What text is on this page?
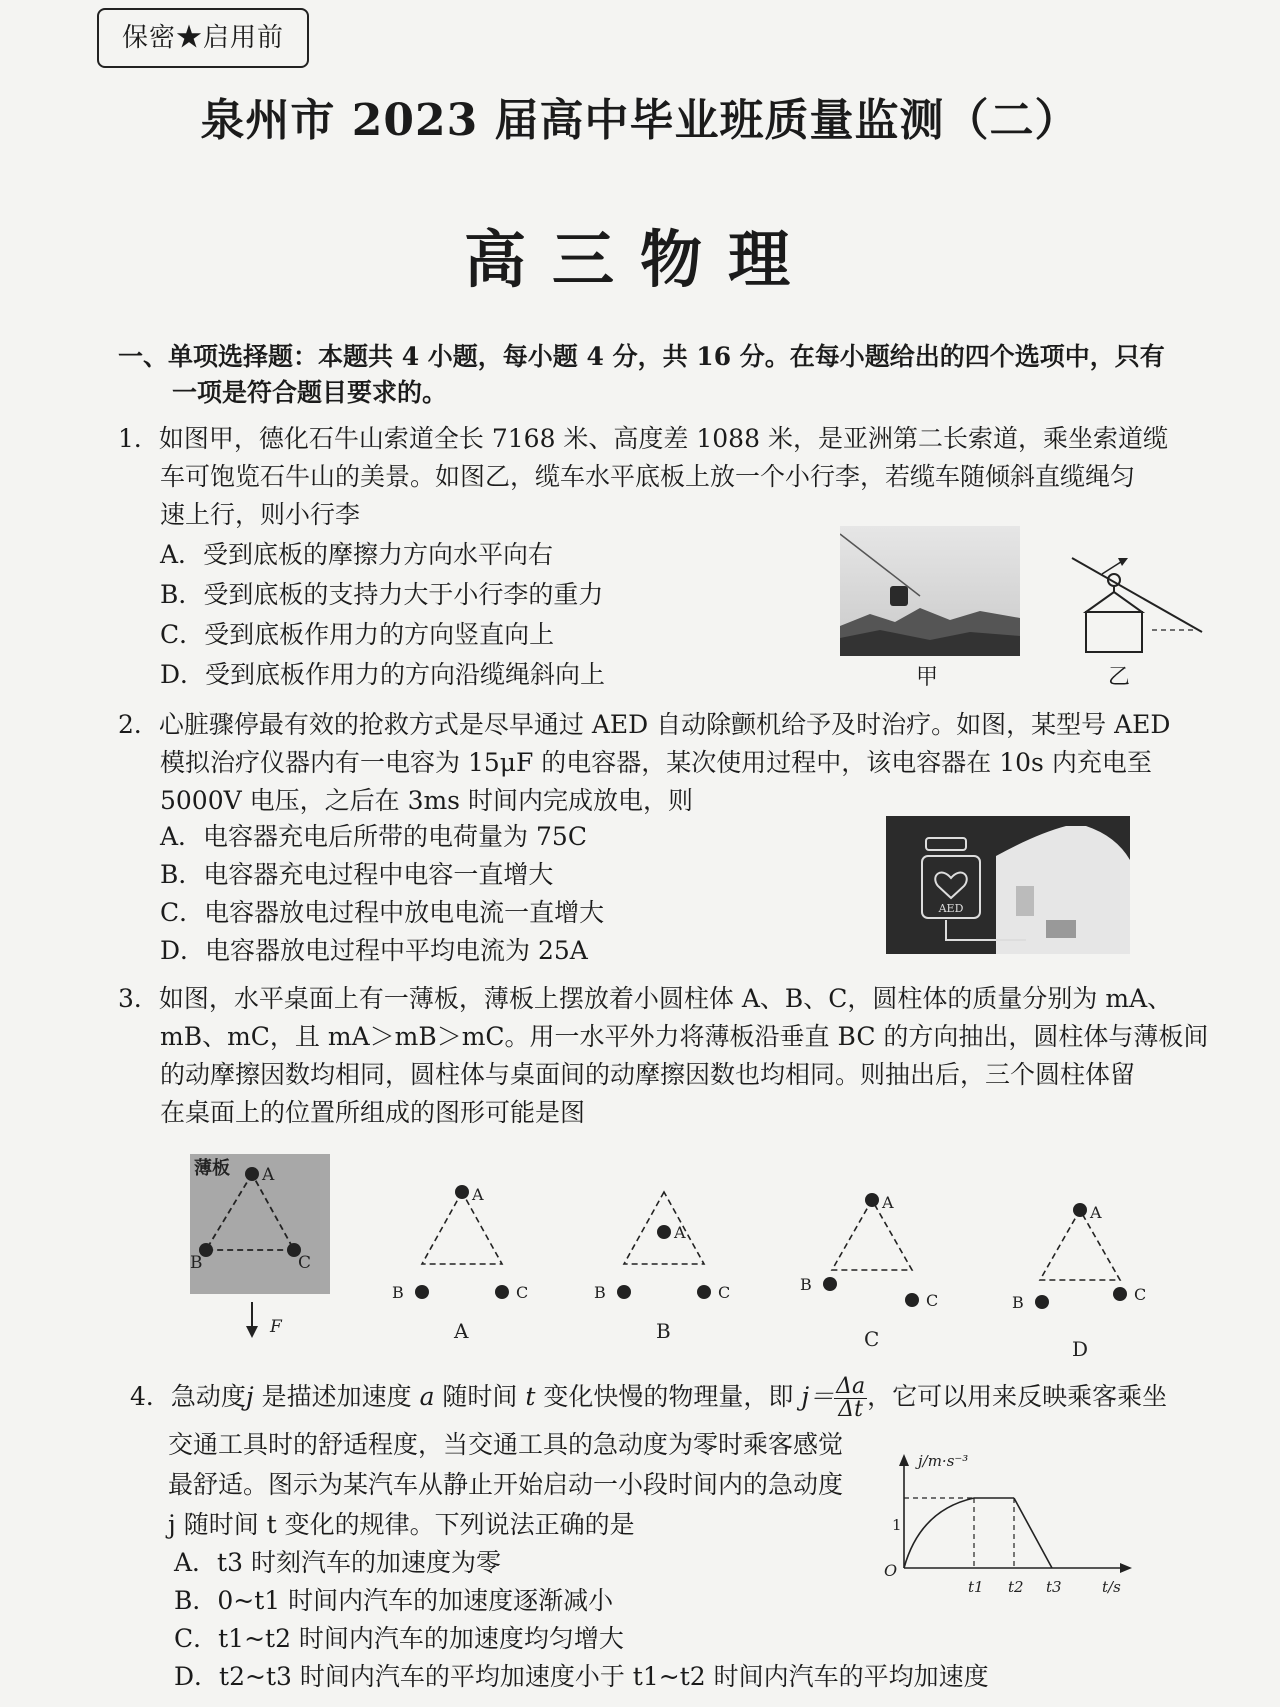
保密★启用前
泉州市 2023 届高中毕业班质量监测（二）
高三物理
一、单项选择题：本题共 4 小题，每小题 4 分，共 16 分。在每小题给出的四个选项中，只有
一项是符合题目要求的。
1．如图甲，德化石牛山索道全长 7168 米、高度差 1088 米，是亚洲第二长索道，乘坐索道缆
车可饱览石牛山的美景。如图乙，缆车水平底板上放一个小行李，若缆车随倾斜直缆绳匀
速上行，则小行李
A．受到底板的摩擦力方向水平向右
B．受到底板的支持力大于小行李的重力
C．受到底板作用力的方向竖直向上
D．受到底板作用力的方向沿缆绳斜向上	甲	乙
2．心脏骤停最有效的抢救方式是尽早通过 AED 自动除颤机给予及时治疗。如图，某型号 AED
模拟治疗仪器内有一电容为 15μF 的电容器，某次使用过程中，该电容器在 10s 内充电至
5000V 电压，之后在 3ms 时间内完成放电，则
A．电容器充电后所带的电荷量为 75C
B．电容器充电过程中电容一直增大
C．电容器放电过程中放电电流一直增大
D．电容器放电过程中平均电流为 25A
AED
3．如图，水平桌面上有一薄板，薄板上摆放着小圆柱体 A、B、C，圆柱体的质量分别为 mA、
mB、mC，且 mA＞mB＞mC。用一水平外力将薄板沿垂直 BC 的方向抽出，圆柱体与薄板间
的动摩擦因数均相同，圆柱体与桌面间的动摩擦因数也均相同。则抽出后，三个圆柱体留
在桌面上的位置所组成的图形可能是图
薄板 A
B	C
F
A
B	C
A
A
B	C
B
A
B
C
C
A
B	C
D
4．急动度j 是描述加速度 a 随时间 t 变化快慢的物理量，即 $j= \frac{\Delta a}{\Delta t}$ ，它可以用来反映乘客乘坐
交通工具时的舒适程度，当交通工具的急动度为零时乘客感觉
最舒适。图示为某汽车从静止开始启动一小段时间内的急动度
j 随时间 t 变化的规律。下列说法正确的是
A．t3 时刻汽车的加速度为零
B．0~t1 时间内汽车的加速度逐渐减小
C．t1~t2 时间内汽车的加速度均匀增大
D．t2~t3 时间内汽车的平均加速度小于 t1~t2 时间内汽车的平均加速度
j/m·s⁻³
t/s
O
1
t1 t2 t3
